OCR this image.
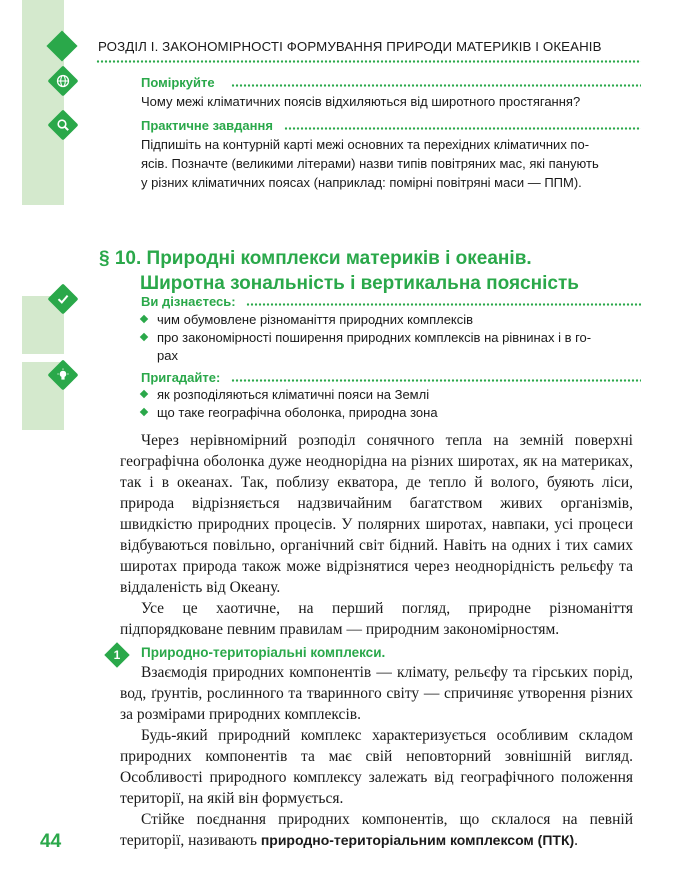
РОЗДІЛ І. ЗАКОНОМІРНОСТІ ФОРМУВАННЯ ПРИРОДИ МАТЕРИКІВ І ОКЕАНІВ
Поміркуйте
Чому межі кліматичних поясів відхиляються від широтного простягання?
Практичне завдання
Підпишіть на контурній карті межі основних та перехідних кліматичних по-
ясів. Позначте (великими літерами) назви типів повітряних мас, які панують
у різних кліматичних поясах (наприклад: помірні повітряні маси — ППМ).
§ 10. Природні комплекси материків і океанів.
Широтна зональність і вертикальна поясність
Ви дізнаєтесь:
чим обумовлене різноманіття природних комплексів
про закономірності поширення природних комплексів на рівнинах і в го-
рах
Пригадайте:
як розподіляються кліматичні пояси на Землі
що таке географічна оболонка, природна зона

Через нерівномірний розподіл сонячного тепла на земній поверхні географічна оболонка дуже неоднорідна на різних широтах, як на материках, так і в океанах. Так, поблизу екватора, де тепло й вологo, буяють ліси, природа відрізняється надзвичайним багатством живих організмів, швидкістю природних процесів. У полярних широтах, навпаки, усі процеси відбуваються повільно, органічний світ бідний. Навіть на одних і тих самих широтах природа також може відрізнятися через неоднорідність рельєфу та віддаленість від Океану.

Усе це хаотичне, на перший погляд, природне різноманіття підпорядковане певним правилам — природним закономірностям.

1	Природно-територіальні комплекси.

Взаємодія природних компонентів — клімату, рельєфу та гірських порід, вод, ґрунтів, рослинного та тваринного світу — спричиняє утворення різних за розмірами природних комплексів.

Будь-який природний комплекс характеризується особливим складом природних компонентів та має свій неповторний зовнішній вигляд. Особливості природного комплексу залежать від географічного положення території, на якій він формується.

Стійке поєднання природних компонентів, що склалося на певній території, називають природно-територіальним комплексом (ПТК).

44
